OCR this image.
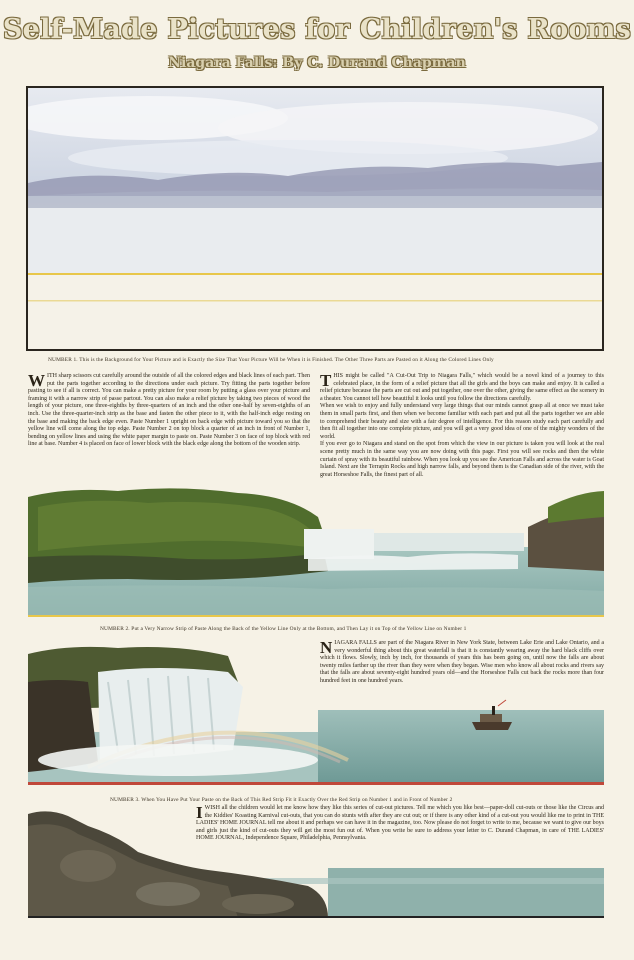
Self-Made Pictures for Children's Rooms
Niagara Falls: By C. Durand Chapman
NUMBER 1. This is the Background for Your Picture and is Exactly the Size That Your Picture Will be When it is Finished. The Other Three Parts are Pasted on it Along the Colored Lines Only
WITH sharp scissors cut carefully around the outside of all the colored edges and black lines of each part. Then put the parts together according to the directions under each picture. Try fitting the parts together before pasting to see if all is correct. You can make a pretty picture for your room by putting a glass over your picture and framing it with a narrow strip of passe partout. You can also make a relief picture by taking two pieces of wood the length of your picture, one three-eighths by three-quarters of an inch and the other one-half by seven-eighths of an inch. Use the three-quarter-inch strip as the base and fasten the other piece to it, with the half-inch edge resting on the base and making the back edge even. Paste Number 1 upright on back edge with picture toward you so that the yellow line will come along the top edge. Paste Number 2 on top block a quarter of an inch in front of Number 1, bending on yellow lines and using the white paper margin to paste on. Paste Number 3 on face of top block with red line at base. Number 4 is placed on face of lower block with the black edge along the bottom of the wooden strip.

THIS might be called "A Cut-Out Trip to Niagara Falls," which would be a novel kind of a journey to this celebrated place, in the form of a relief picture that all the girls and the boys can make and enjoy. It is called a relief picture because the parts are cut out and put together, one over the other, giving the same effect as the scenery in a theater. You cannot tell how beautiful it looks until you follow the directions carefully.

When we wish to enjoy and fully understand very large things that our minds cannot grasp all at once we must take them in small parts first, and then when we become familiar with each part and put all the parts together we are able to comprehend their beauty and size with a fair degree of intelligence. For this reason study each part carefully and then fit all together into one complete picture, and you will get a very good idea of one of the mighty wonders of the world.

If you ever go to Niagara and stand on the spot from which the view in our picture is taken you will look at the real scene pretty much in the same way you are now doing with this page. First you will see rocks and then the white curtain of spray with its beautiful rainbow. When you look up you see the American Falls and across the water is Goat Island. Next are the Terrapin Rocks and high narrow falls, and beyond them is the Canadian side of the river, with the great Horseshoe Falls, the finest part of all.

NUMBER 2. Put a Very Narrow Strip of Paste Along the Back of the Yellow Line Only at the Bottom, and Then Lay it on Top of the Yellow Line on Number 1
NIAGARA FALLS are part of the Niagara River in New York State, between Lake Erie and Lake Ontario, and a very wonderful thing about this great waterfall is that it is constantly wearing away the hard black cliffs over which it flows. Slowly, inch by inch, for thousands of years this has been going on, until now the falls are about twenty miles farther up the river than they were when they began. Wise men who know all about rocks and rivers say that the falls are about seventy-eight hundred years old—and the Horseshoe Falls cut back the rocks more than four hundred feet in one hundred years.
NUMBER 3. When You Have Put Your Paste on the Back of This Red Strip Fit it Exactly Over the Red Strip on Number 1 and in Front of Number 2
IWISH all the children would let me know how they like this series of cut-out pictures. Tell me which you like best—paper-doll cut-outs or those like the Circus and the Kiddies' Koasting Karnival cut-outs, that you can do stunts with after they are cut out; or if there is any other kind of a cut-out you would like me to print in THE LADIES' HOME JOURNAL tell me about it and perhaps we can have it in the magazine, too. Now please do not forget to write to me, because we want to give our boys and girls just the kind of cut-outs they will get the most fun out of. When you write be sure to address your letter to C. Durand Chapman, in care of THE LADIES' HOME JOURNAL, Independence Square, Philadelphia, Pennsylvania.
